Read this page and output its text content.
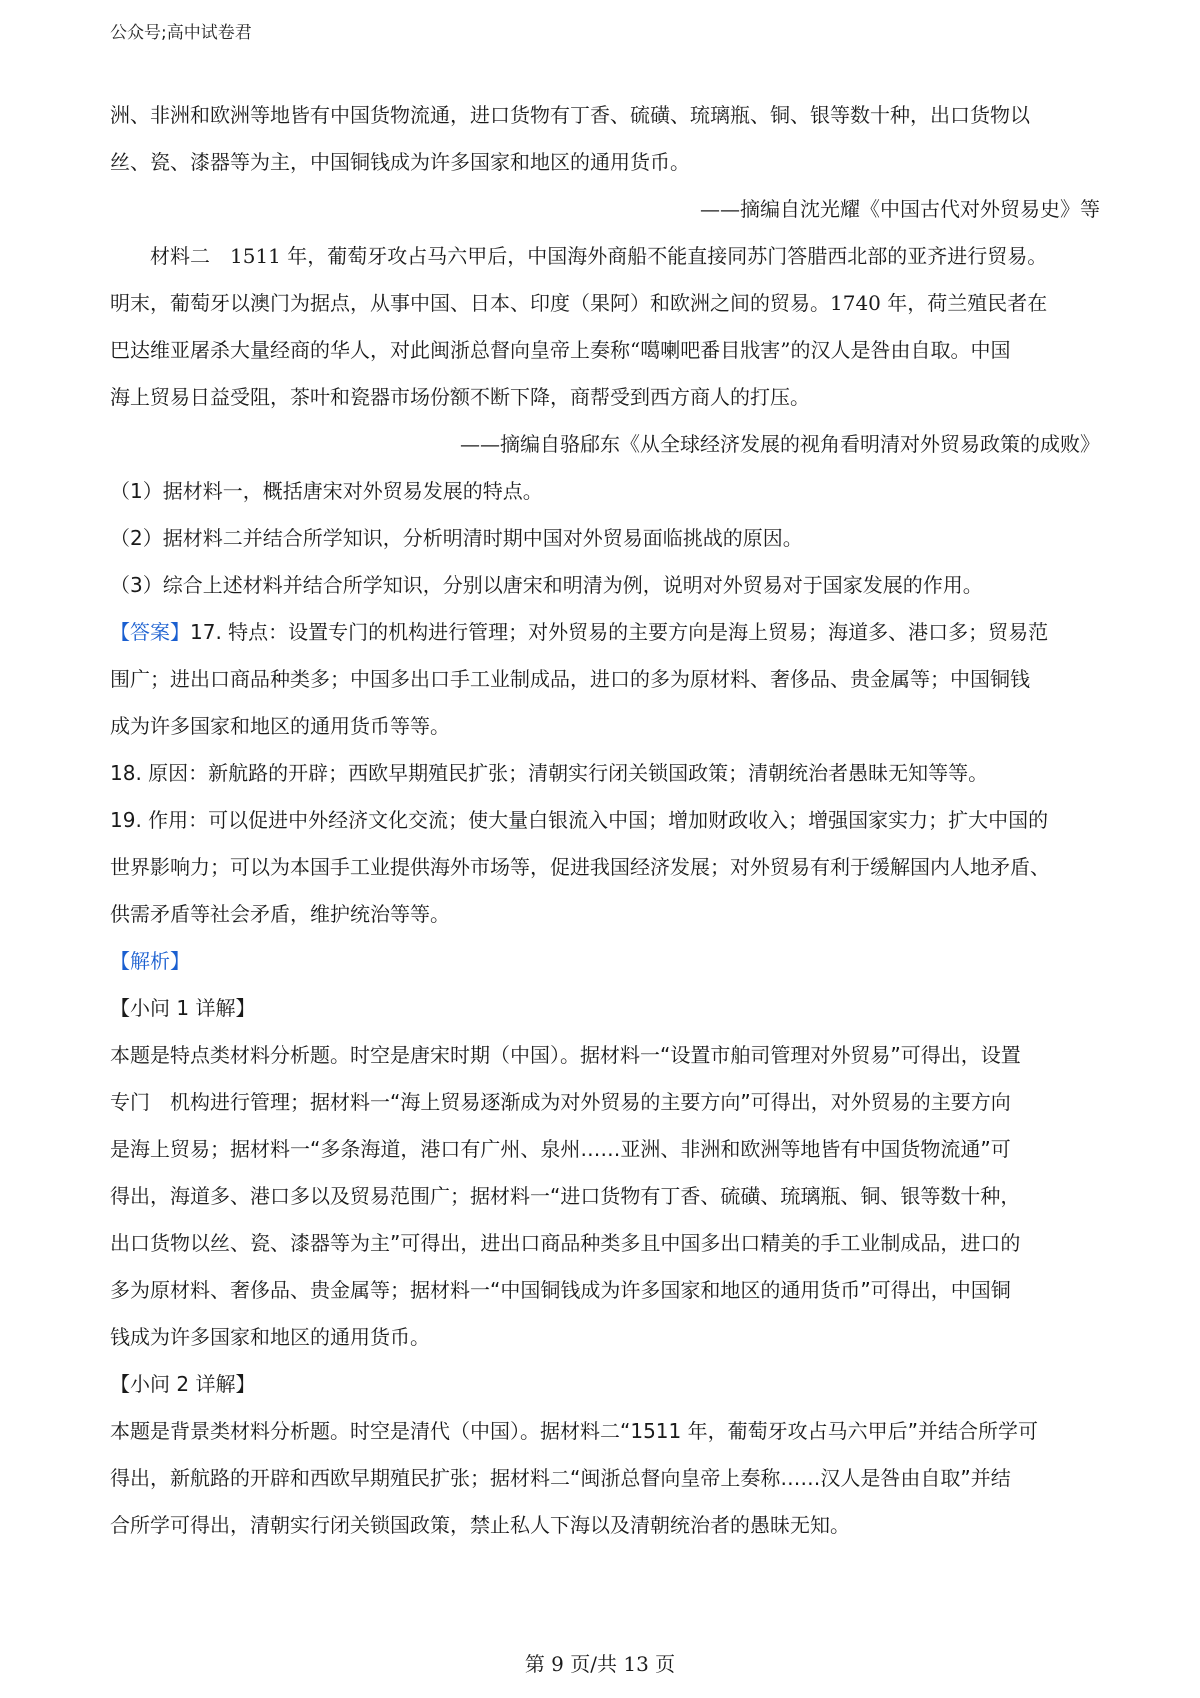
公众号;高中试卷君
洲、非洲和欧洲等地皆有中国货物流通，进口货物有丁香、硫磺、琉璃瓶、铜、银等数十种，出口货物以
丝、瓷、漆器等为主，中国铜钱成为许多国家和地区的通用货币。
——摘编自沈光耀《中国古代对外贸易史》等
材料二　1511 年，葡萄牙攻占马六甲后，中国海外商船不能直接同苏门答腊西北部的亚齐进行贸易。
明末，葡萄牙以澳门为据点，从事中国、日本、印度（果阿）和欧洲之间的贸易。1740 年，荷兰殖民者在
巴达维亚屠杀大量经商的华人，对此闽浙总督向皇帝上奏称“噶喇吧番目戕害”的汉人是咎由自取。中国
海上贸易日益受阻，茶叶和瓷器市场份额不断下降，商帮受到西方商人的打压。
——摘编自骆郈东《从全球经济发展的视角看明清对外贸易政策的成败》
（1）据材料一，概括唐宋对外贸易发展的特点。
（2）据材料二并结合所学知识，分析明清时期中国对外贸易面临挑战的原因。
（3）综合上述材料并结合所学知识，分别以唐宋和明清为例，说明对外贸易对于国家发展的作用。
【答案】17. 特点：设置专门的机构进行管理；对外贸易的主要方向是海上贸易；海道多、港口多；贸易范
围广；进出口商品种类多；中国多出口手工业制成品，进口的多为原材料、奢侈品、贵金属等；中国铜钱
成为许多国家和地区的通用货币等等。
18. 原因：新航路的开辟；西欧早期殖民扩张；清朝实行闭关锁国政策；清朝统治者愚昧无知等等。
19. 作用：可以促进中外经济文化交流；使大量白银流入中国；增加财政收入；增强国家实力；扩大中国的
世界影响力；可以为本国手工业提供海外市场等，促进我国经济发展；对外贸易有利于缓解国内人地矛盾、
供需矛盾等社会矛盾，维护统治等等。
【解析】
【小问 1 详解】
本题是特点类材料分析题。时空是唐宋时期（中国）。据材料一“设置市舶司管理对外贸易”可得出，设置
专门　机构进行管理；据材料一“海上贸易逐渐成为对外贸易的主要方向”可得出，对外贸易的主要方向
是海上贸易；据材料一“多条海道，港口有广州、泉州……亚洲、非洲和欧洲等地皆有中国货物流通”可
得出，海道多、港口多以及贸易范围广；据材料一“进口货物有丁香、硫磺、琉璃瓶、铜、银等数十种，
出口货物以丝、瓷、漆器等为主”可得出，进出口商品种类多且中国多出口精美的手工业制成品，进口的
多为原材料、奢侈品、贵金属等；据材料一“中国铜钱成为许多国家和地区的通用货币”可得出，中国铜
钱成为许多国家和地区的通用货币。
【小问 2 详解】
本题是背景类材料分析题。时空是清代（中国）。据材料二“1511 年，葡萄牙攻占马六甲后”并结合所学可
得出，新航路的开辟和西欧早期殖民扩张；据材料二“闽浙总督向皇帝上奏称……汉人是咎由自取”并结
合所学可得出，清朝实行闭关锁国政策，禁止私人下海以及清朝统治者的愚昧无知。
第 9 页/共 13 页
